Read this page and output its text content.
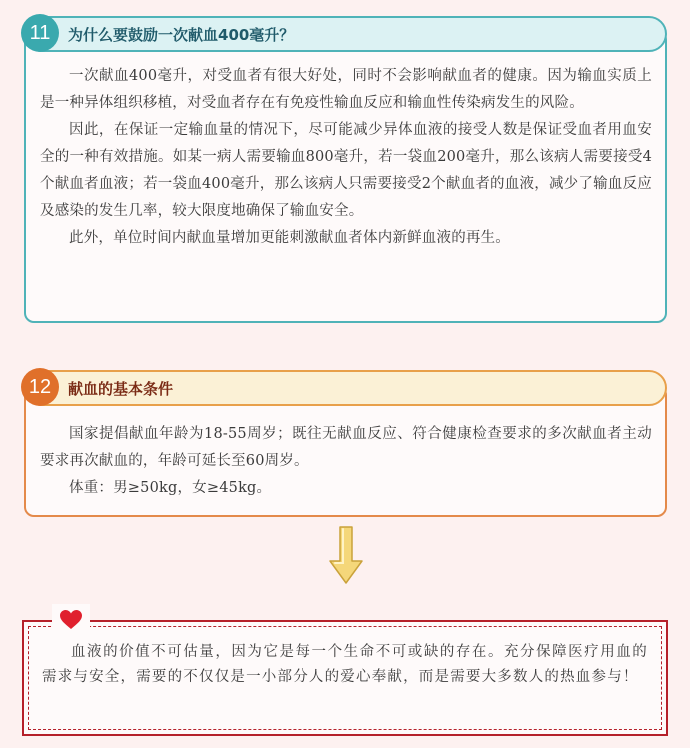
为什么要鼓励一次献血400毫升？
11

一次献血400毫升，对受血者有很大好处，同时不会影响献血者的健康。因为输血实质上是一种异体组织移植，对受血者存在有免疫性输血反应和输血性传染病发生的风险。

因此，在保证一定输血量的情况下，尽可能减少异体血液的接受人数是保证受血者用血安全的一种有效措施。如某一病人需要输血800毫升，若一袋血200毫升，那么该病人需要接受4个献血者血液；若一袋血400毫升，那么该病人只需要接受2个献血者的血液，减少了输血反应及感染的发生几率，较大限度地确保了输血安全。

此外，单位时间内献血量增加更能刺激献血者体内新鲜血液的再生。

献血的基本条件
12

国家提倡献血年龄为18-55周岁；既往无献血反应、符合健康检查要求的多次献血者主动要求再次献血的，年龄可延长至60周岁。

体重：男≥50kg，女≥45kg。

血液的价值不可估量，因为它是每一个生命不可或缺的存在。充分保障医疗用血的需求与安全，需要的不仅仅是一小部分人的爱心奉献，而是需要大多数人的热血参与！
